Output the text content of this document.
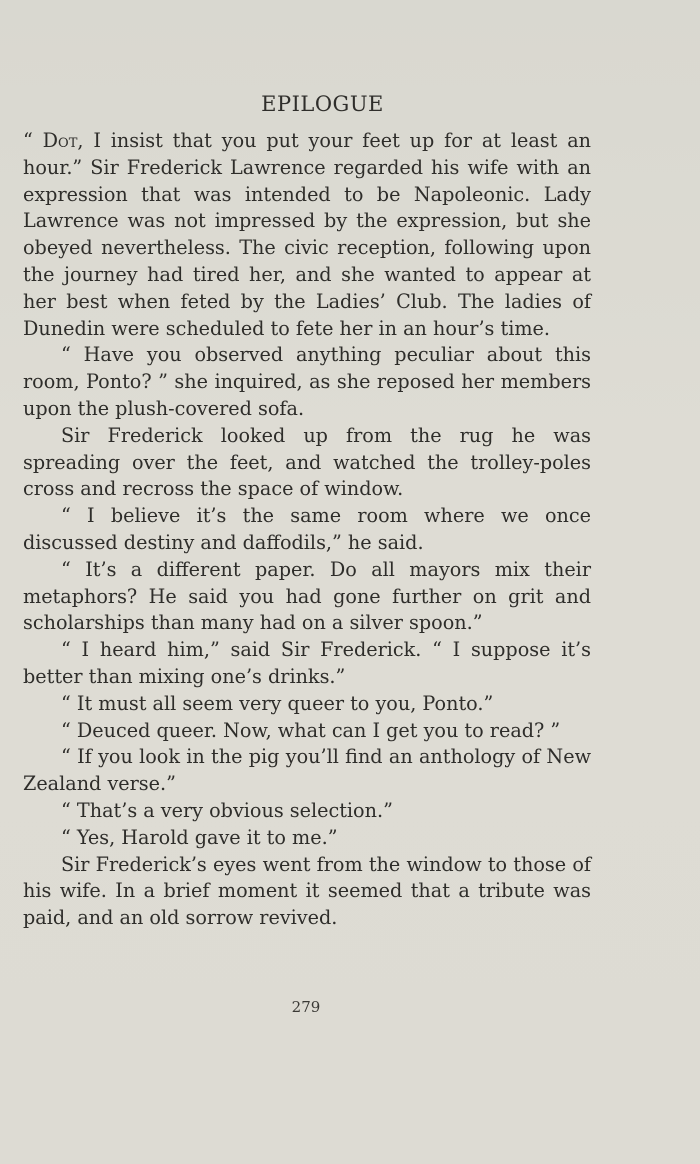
EPILOGUE

“ Dot, I insist that you put your feet up for at least an hour.” Sir Frederick Lawrence regarded his wife with an expression that was intended to be Napoleonic. Lady Lawrence was not impressed by the expression, but she obeyed nevertheless. The civic reception, following upon the journey had tired her, and she wanted to appear at her best when feted by the Ladies’ Club. The ladies of Dunedin were scheduled to fete her in an hour’s time.

“ Have you observed anything peculiar about this room, Ponto? ” she inquired, as she reposed her members upon the plush-covered sofa.

Sir Frederick looked up from the rug he was spreading over the feet, and watched the trolley-poles cross and recross the space of window.

“ I believe it’s the same room where we once discussed destiny and daffodils,” he said.

“ It’s a different paper. Do all mayors mix their metaphors? He said you had gone further on grit and scholarships than many had on a silver spoon.”

“ I heard him,” said Sir Frederick. “ I suppose it’s better than mixing one’s drinks.”

“ It must all seem very queer to you, Ponto.”

“ Deuced queer. Now, what can I get you to read? ”

“ If you look in the pig you’ll find an anthology of New Zealand verse.”

“ That’s a very obvious selection.”

“ Yes, Harold gave it to me.”

Sir Frederick’s eyes went from the window to those of his wife. In a brief moment it seemed that a tribute was paid, and an old sorrow revived.

279
